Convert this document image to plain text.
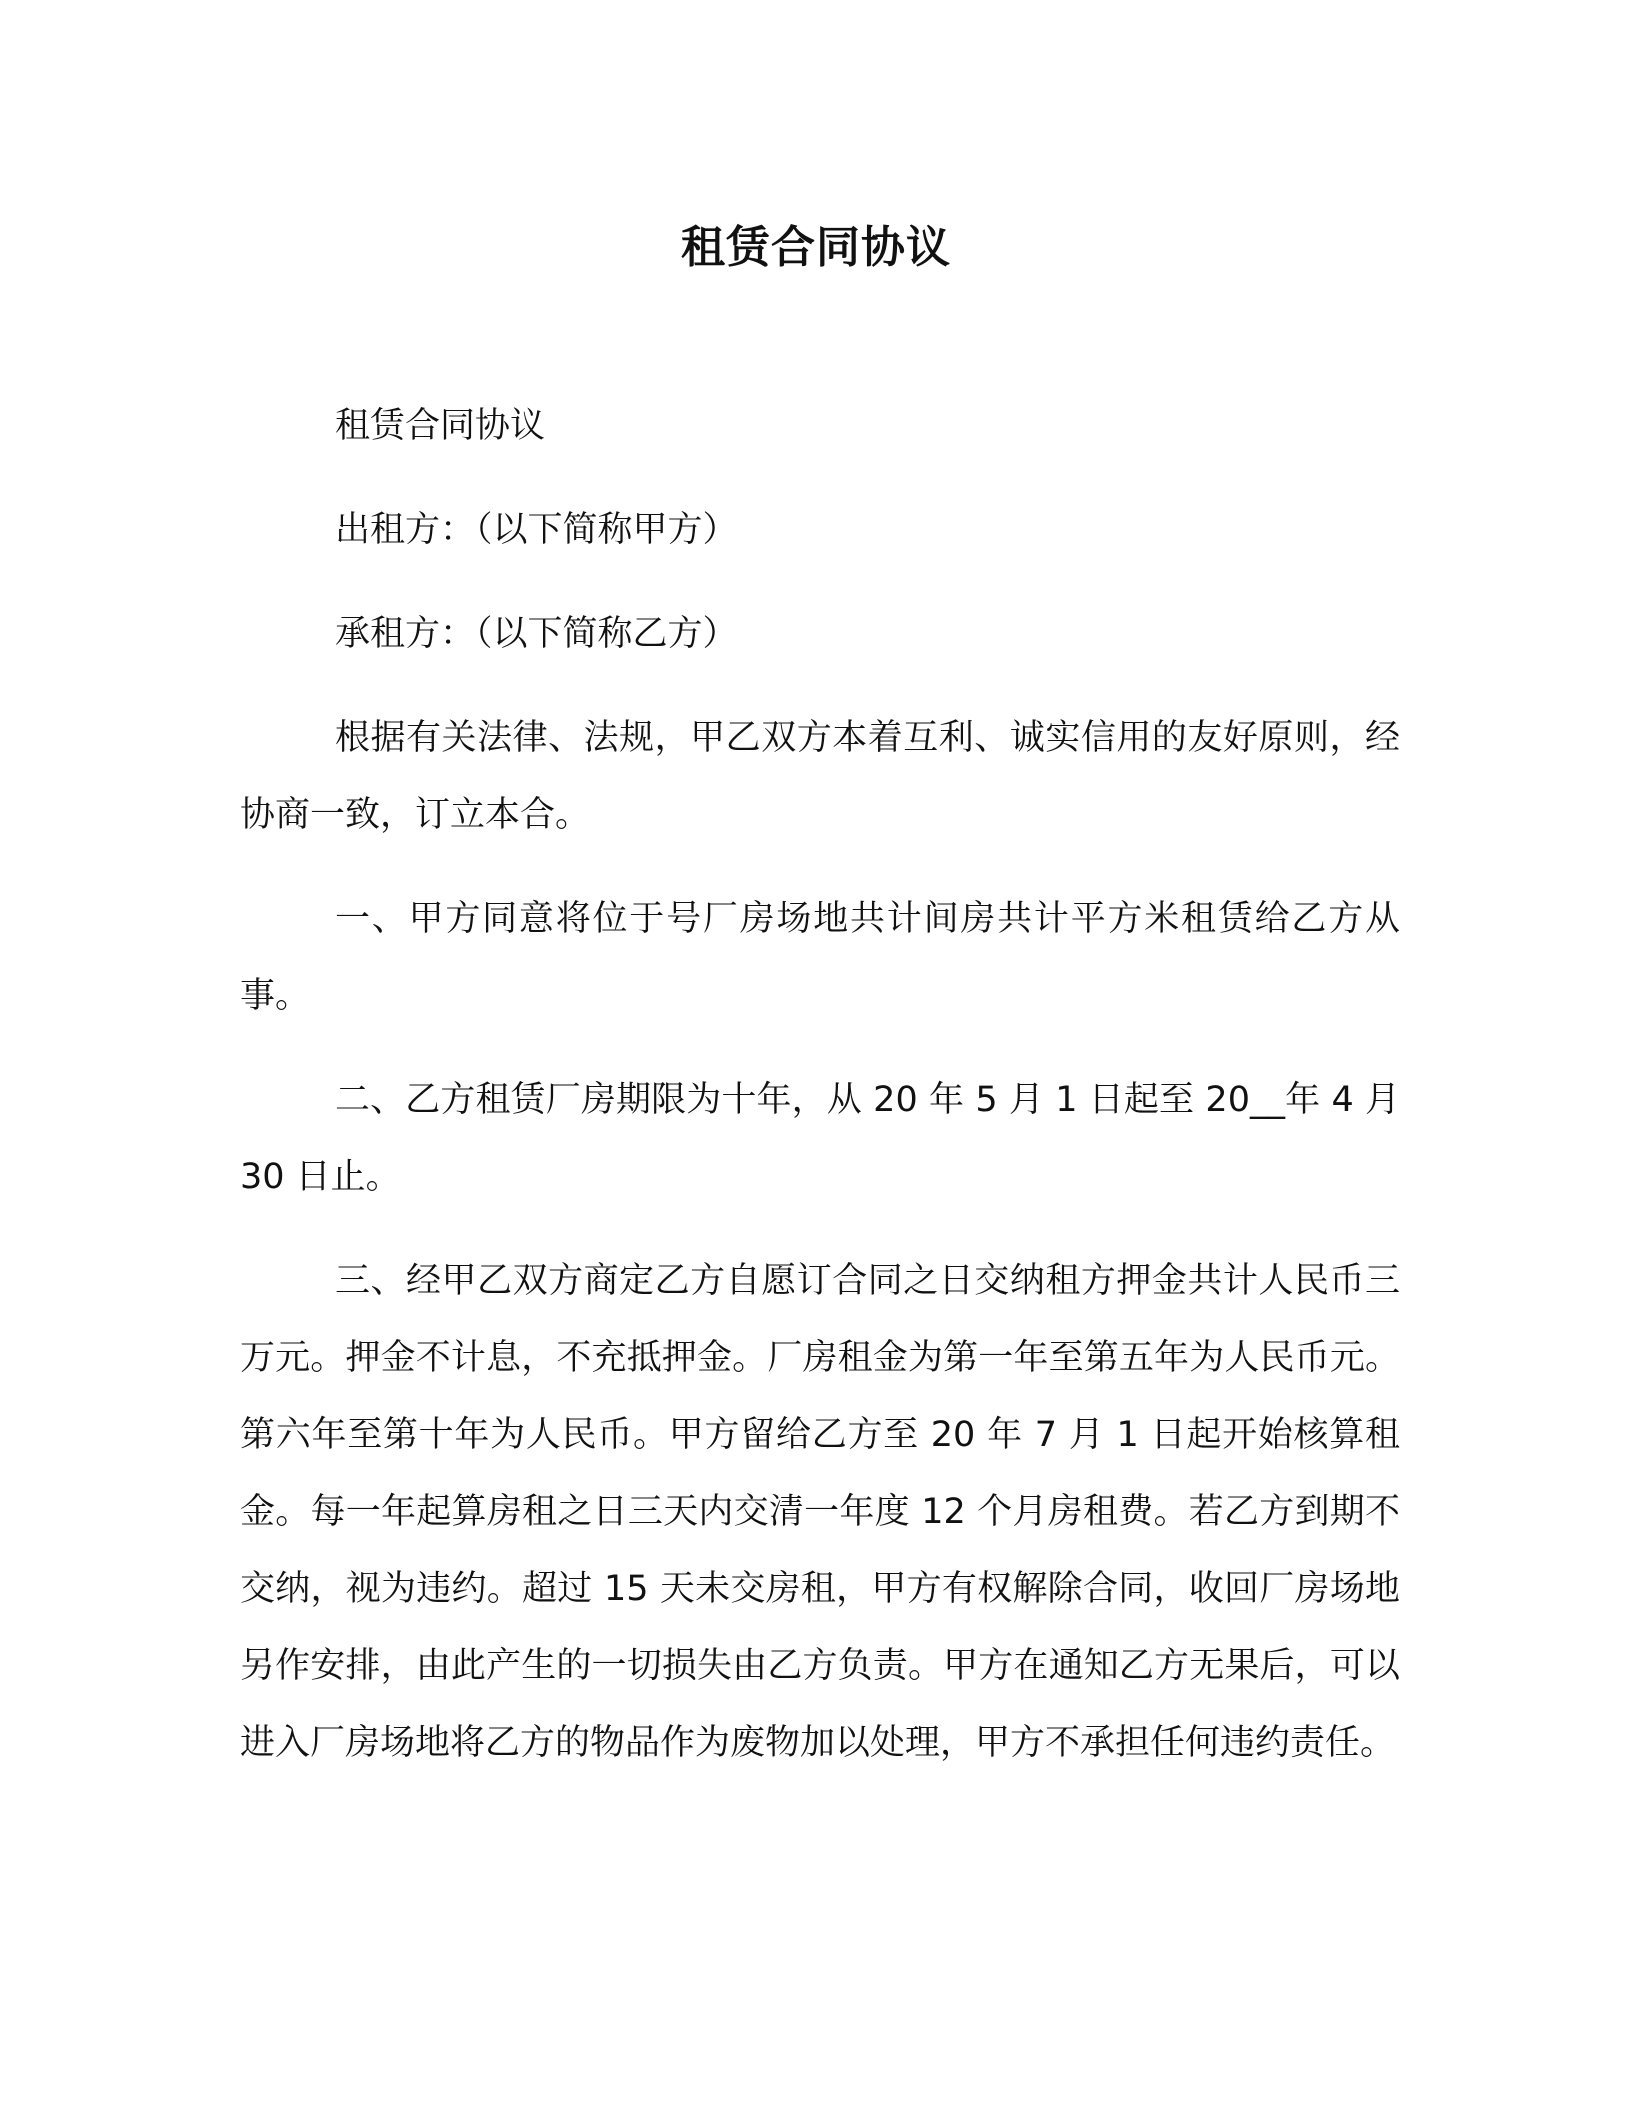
租赁合同协议

租赁合同协议

出租方：（以下简称甲方）

承租方：（以下简称乙方）

根据有关法律、法规，甲乙双方本着互利、诚实信用的友好原则，经协商一致，订立本合。

一、甲方同意将位于号厂房场地共计间房共计平方米租赁给乙方从事。

二、乙方租赁厂房期限为十年，从 20 年 5 月 1 日起至 20__年 4 月 30 日止。

三、经甲乙双方商定乙方自愿订合同之日交纳租方押金共计人民币三万元。押金不计息，不充抵押金。厂房租金为第一年至第五年为人民币元。第六年至第十年为人民币。甲方留给乙方至 20 年 7 月 1 日起开始核算租金。每一年起算房租之日三天内交清一年度 12 个月房租费。若乙方到期不交纳，视为违约。超过 15 天未交房租，甲方有权解除合同，收回厂房场地另作安排，由此产生的一切损失由乙方负责。甲方在通知乙方无果后，可以进入厂房场地将乙方的物品作为废物加以处理，甲方不承担任何违约责任。
